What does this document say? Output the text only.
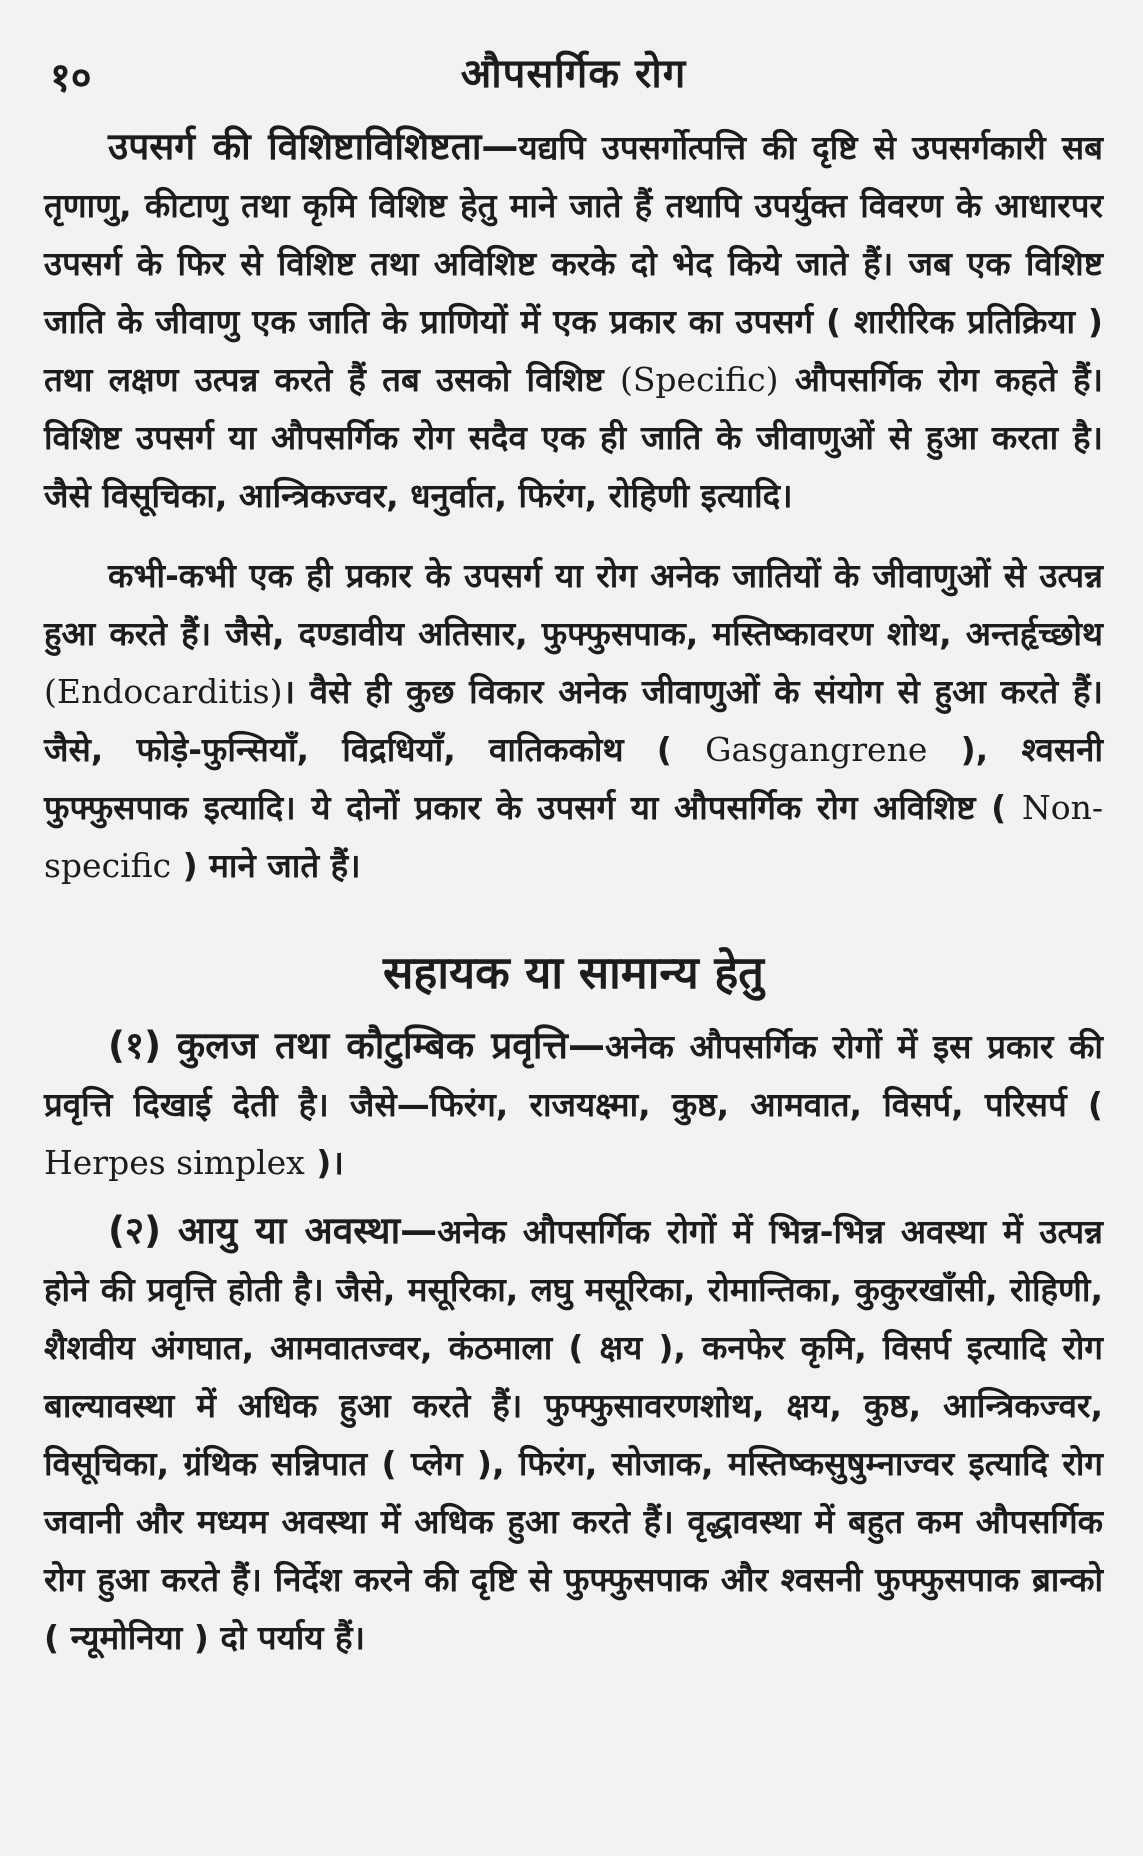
१०	औपसर्गिक रोग

उपसर्ग की विशिष्टाविशिष्टता—यद्यपि उपसर्गोत्पत्ति की दृष्टि से उपसर्गकारी सब तृणाणु, कीटाणु तथा कृमि विशिष्ट हेतु माने जाते हैं तथापि उपर्युक्त विवरण के आधारपर उपसर्ग के फिर से विशिष्ट तथा अविशिष्ट करके दो भेद किये जाते हैं। जब एक विशिष्ट जाति के जीवाणु एक जाति के प्राणियों में एक प्रकार का उपसर्ग ( शारीरिक प्रतिक्रिया ) तथा लक्षण उत्पन्न करते हैं तब उसको विशिष्ट (Specific) औपसर्गिक रोग कहते हैं। विशिष्ट उपसर्ग या औपसर्गिक रोग सदैव एक ही जाति के जीवाणुओं से हुआ करता है। जैसे विसूचिका, आन्त्रिकज्वर, धनुर्वात, फिरंग, रोहिणी इत्यादि।

कभी-कभी एक ही प्रकार के उपसर्ग या रोग अनेक जातियों के जीवाणुओं से उत्पन्न हुआ करते हैं। जैसे, दण्डावीय अतिसार, फुफ्फुसपाक, मस्तिष्कावरण शोथ, अन्तर्हृच्छोथ (Endocarditis)। वैसे ही कुछ विकार अनेक जीवाणुओं के संयोग से हुआ करते हैं। जैसे, फोड़े-फुन्सियाँ, विद्रधियाँ, वातिककोथ ( Gasgangrene ), श्वसनी फुफ्फुसपाक इत्यादि। ये दोनों प्रकार के उपसर्ग या औपसर्गिक रोग अविशिष्ट ( Non-specific ) माने जाते हैं।

सहायक या सामान्य हेतु

(१) कुलज तथा कौटुम्बिक प्रवृत्ति—अनेक औपसर्गिक रोगों में इस प्रकार की प्रवृत्ति दिखाई देती है। जैसे—फिरंग, राजयक्ष्मा, कुष्ठ, आमवात, विसर्प, परिसर्प ( Herpes simplex )।

(२) आयु या अवस्था—अनेक औपसर्गिक रोगों में भिन्न-भिन्न अवस्था में उत्पन्न होने की प्रवृत्ति होती है। जैसे, मसूरिका, लघु मसूरिका, रोमान्तिका, कुकुरखाँसी, रोहिणी, शैशवीय अंगघात, आमवातज्वर, कंठमाला ( क्षय ), कनफेर कृमि, विसर्प इत्यादि रोग बाल्यावस्था में अधिक हुआ करते हैं। फुफ्फुसावरणशोथ, क्षय, कुष्ठ, आन्त्रिकज्वर, विसूचिका, ग्रंथिक सन्निपात ( प्लेग ), फिरंग, सोजाक, मस्तिष्कसुषुम्नाज्वर इत्यादि रोग जवानी और मध्यम अवस्था में अधिक हुआ करते हैं। वृद्धावस्था में बहुत कम औपसर्गिक रोग हुआ करते हैं। निर्देश करने की दृष्टि से फुफ्फुसपाक और श्वसनी फुफ्फुसपाक ब्रान्को ( न्यूमोनिया ) दो पर्याय हैं।
